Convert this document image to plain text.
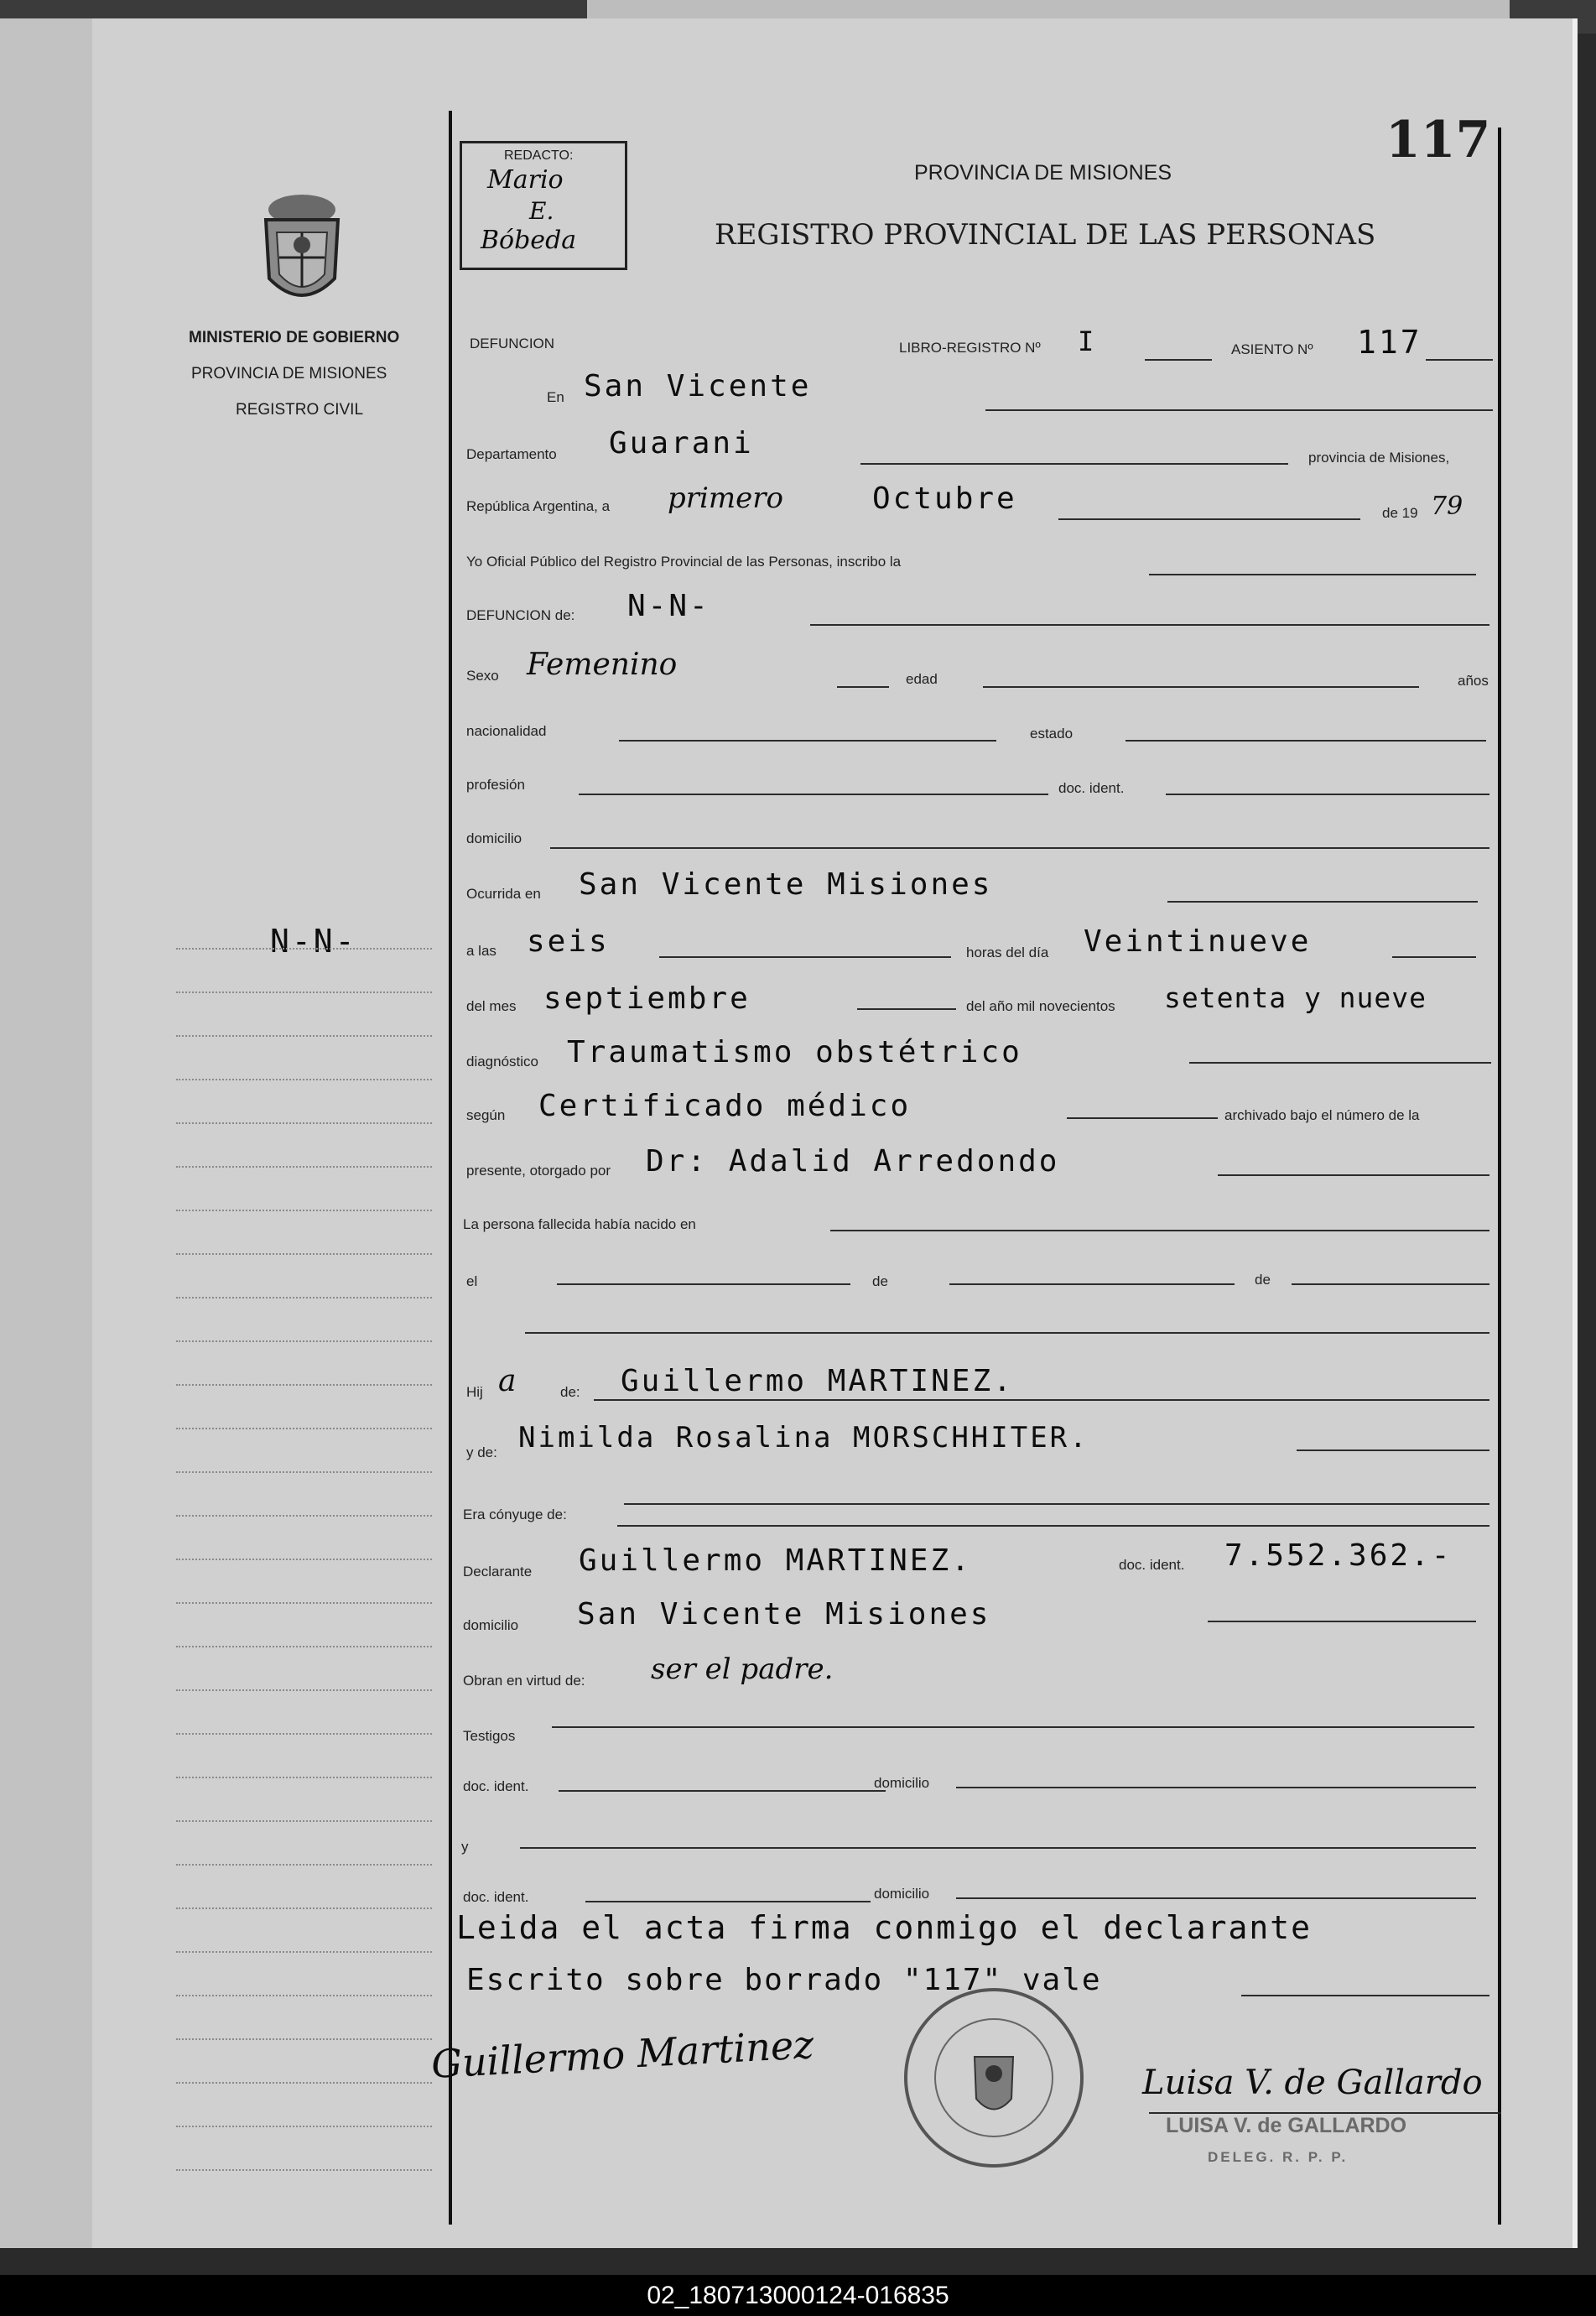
117
REDACTO:
Mario
E.
Bóbeda
PROVINCIA DE MISIONES
REGISTRO PROVINCIAL DE LAS PERSONAS
MINISTERIO DE GOBIERNO
PROVINCIA DE MISIONES
REGISTRO CIVIL
N-N-
DEFUNCION	LIBRO-REGISTRO Nº I	ASIENTO Nº 117
En San Vicente
Departamento Guarani	provincia de Misiones,
República Argentina, a primero	Octubre	de 19 79
Yo Oficial Público del Registro Provincial de las Personas, inscribo la
DEFUNCION de: N-N-
Sexo Femenino	edad	años
nacionalidad	estado
profesión	doc. ident.
domicilio
Ocurrida en San Vicente Misiones
a las seis	horas del día Veintinueve
del mes septiembre	del año mil novecientos setenta y nueve
diagnóstico Traumatismo obstétrico
según Certificado médico	archivado bajo el número de la
presente, otorgado por Dr: Adalid Arredondo
La persona fallecida había nacido en
el	de	de
Hij a	de: Guillermo MARTINEZ.
y de: Nimilda Rosalina MORSCHHITER.
Era cónyuge de:
Declarante Guillermo MARTINEZ.	doc. ident. 7.552.362.-
domicilio San Vicente Misiones
Obran en virtud de: ser el padre.
Testigos
doc. ident.	domicilio
y
doc. ident.	domicilio
Leida el acta firma conmigo el declarante
Escrito sobre borrado "117" vale
Guillermo Martinez	Luisa V. de Gallardo
LUISA V. de GALLARDO
DELEG. R. P. P.
02_180713000124-016835
